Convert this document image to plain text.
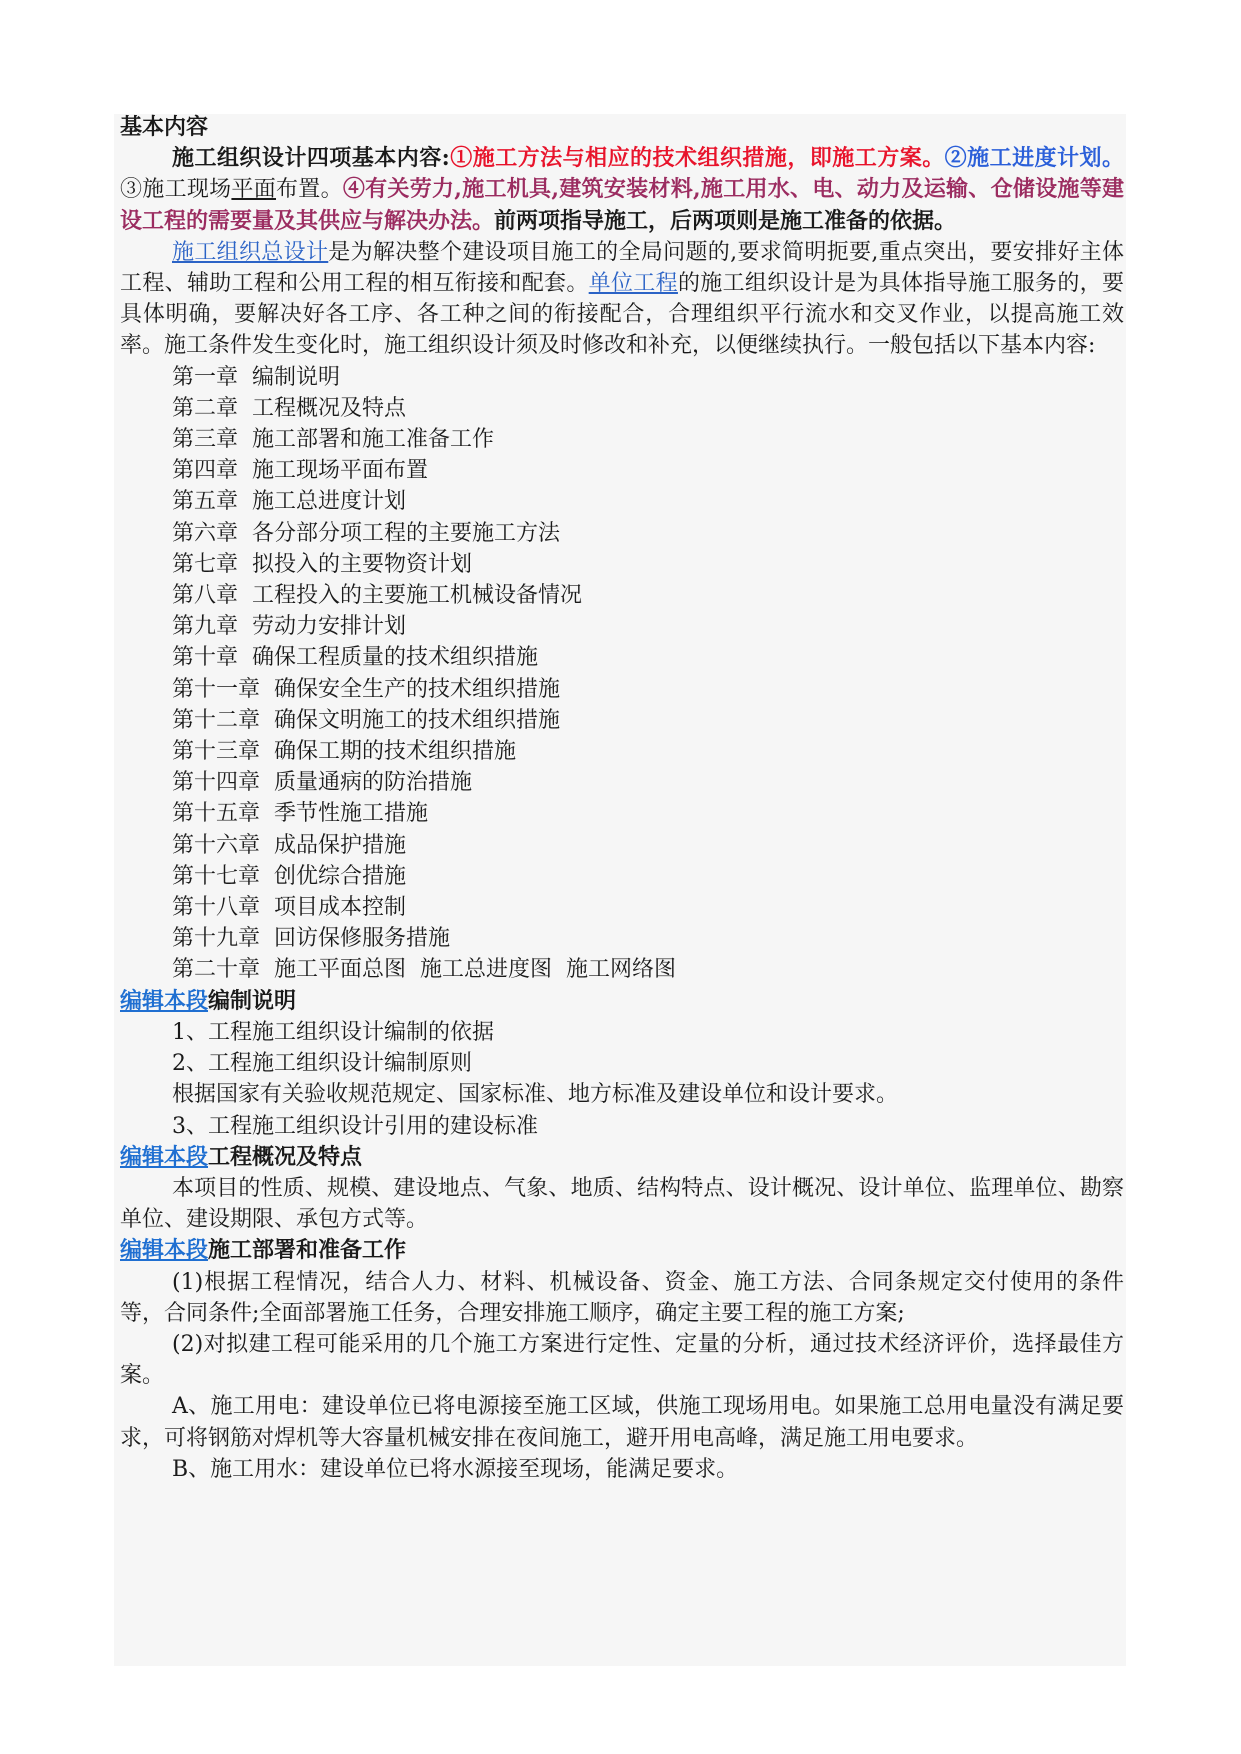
基本内容

施工组织设计四项基本内容:①施工方法与相应的技术组织措施，即施工方案。②施工进度计划。③施工现场平面布置。④有关劳力,施工机具,建筑安装材料,施工用水、电、动力及运输、仓储设施等建设工程的需要量及其供应与解决办法。前两项指导施工，后两项则是施工准备的依据。

施工组织总设计是为解决整个建设项目施工的全局问题的,要求简明扼要,重点突出，要安排好主体工程、辅助工程和公用工程的相互衔接和配套。单位工程的施工组织设计是为具体指导施工服务的，要具体明确，要解决好各工序、各工种之间的衔接配合，合理组织平行流水和交叉作业，以提高施工效率。施工条件发生变化时，施工组织设计须及时修改和补充，以便继续执行。一般包括以下基本内容:

第一章  编制说明

第二章  工程概况及特点

第三章  施工部署和施工准备工作

第四章  施工现场平面布置

第五章  施工总进度计划

第六章  各分部分项工程的主要施工方法

第七章  拟投入的主要物资计划

第八章  工程投入的主要施工机械设备情况

第九章  劳动力安排计划

第十章  确保工程质量的技术组织措施

第十一章  确保安全生产的技术组织措施

第十二章  确保文明施工的技术组织措施

第十三章  确保工期的技术组织措施

第十四章  质量通病的防治措施

第十五章  季节性施工措施

第十六章  成品保护措施

第十七章  创优综合措施

第十八章  项目成本控制

第十九章  回访保修服务措施

第二十章  施工平面总图  施工总进度图  施工网络图

编辑本段编制说明

1、工程施工组织设计编制的依据

2、工程施工组织设计编制原则

根据国家有关验收规范规定、国家标准、地方标准及建设单位和设计要求。

3、工程施工组织设计引用的建设标准

编辑本段工程概况及特点

本项目的性质、规模、建设地点、气象、地质、结构特点、设计概况、设计单位、监理单位、勘察单位、建设期限、承包方式等。

编辑本段施工部署和准备工作

(1)根据工程情况，结合人力、材料、机械设备、资金、施工方法、合同条规定交付使用的条件等，合同条件;全面部署施工任务，合理安排施工顺序，确定主要工程的施工方案;

(2)对拟建工程可能采用的几个施工方案进行定性、定量的分析，通过技术经济评价，选择最佳方案。

A、施工用电：建设单位已将电源接至施工区域，供施工现场用电。如果施工总用电量没有满足要求，可将钢筋对焊机等大容量机械安排在夜间施工，避开用电高峰，满足施工用电要求。

B、施工用水：建设单位已将水源接至现场，能满足要求。
